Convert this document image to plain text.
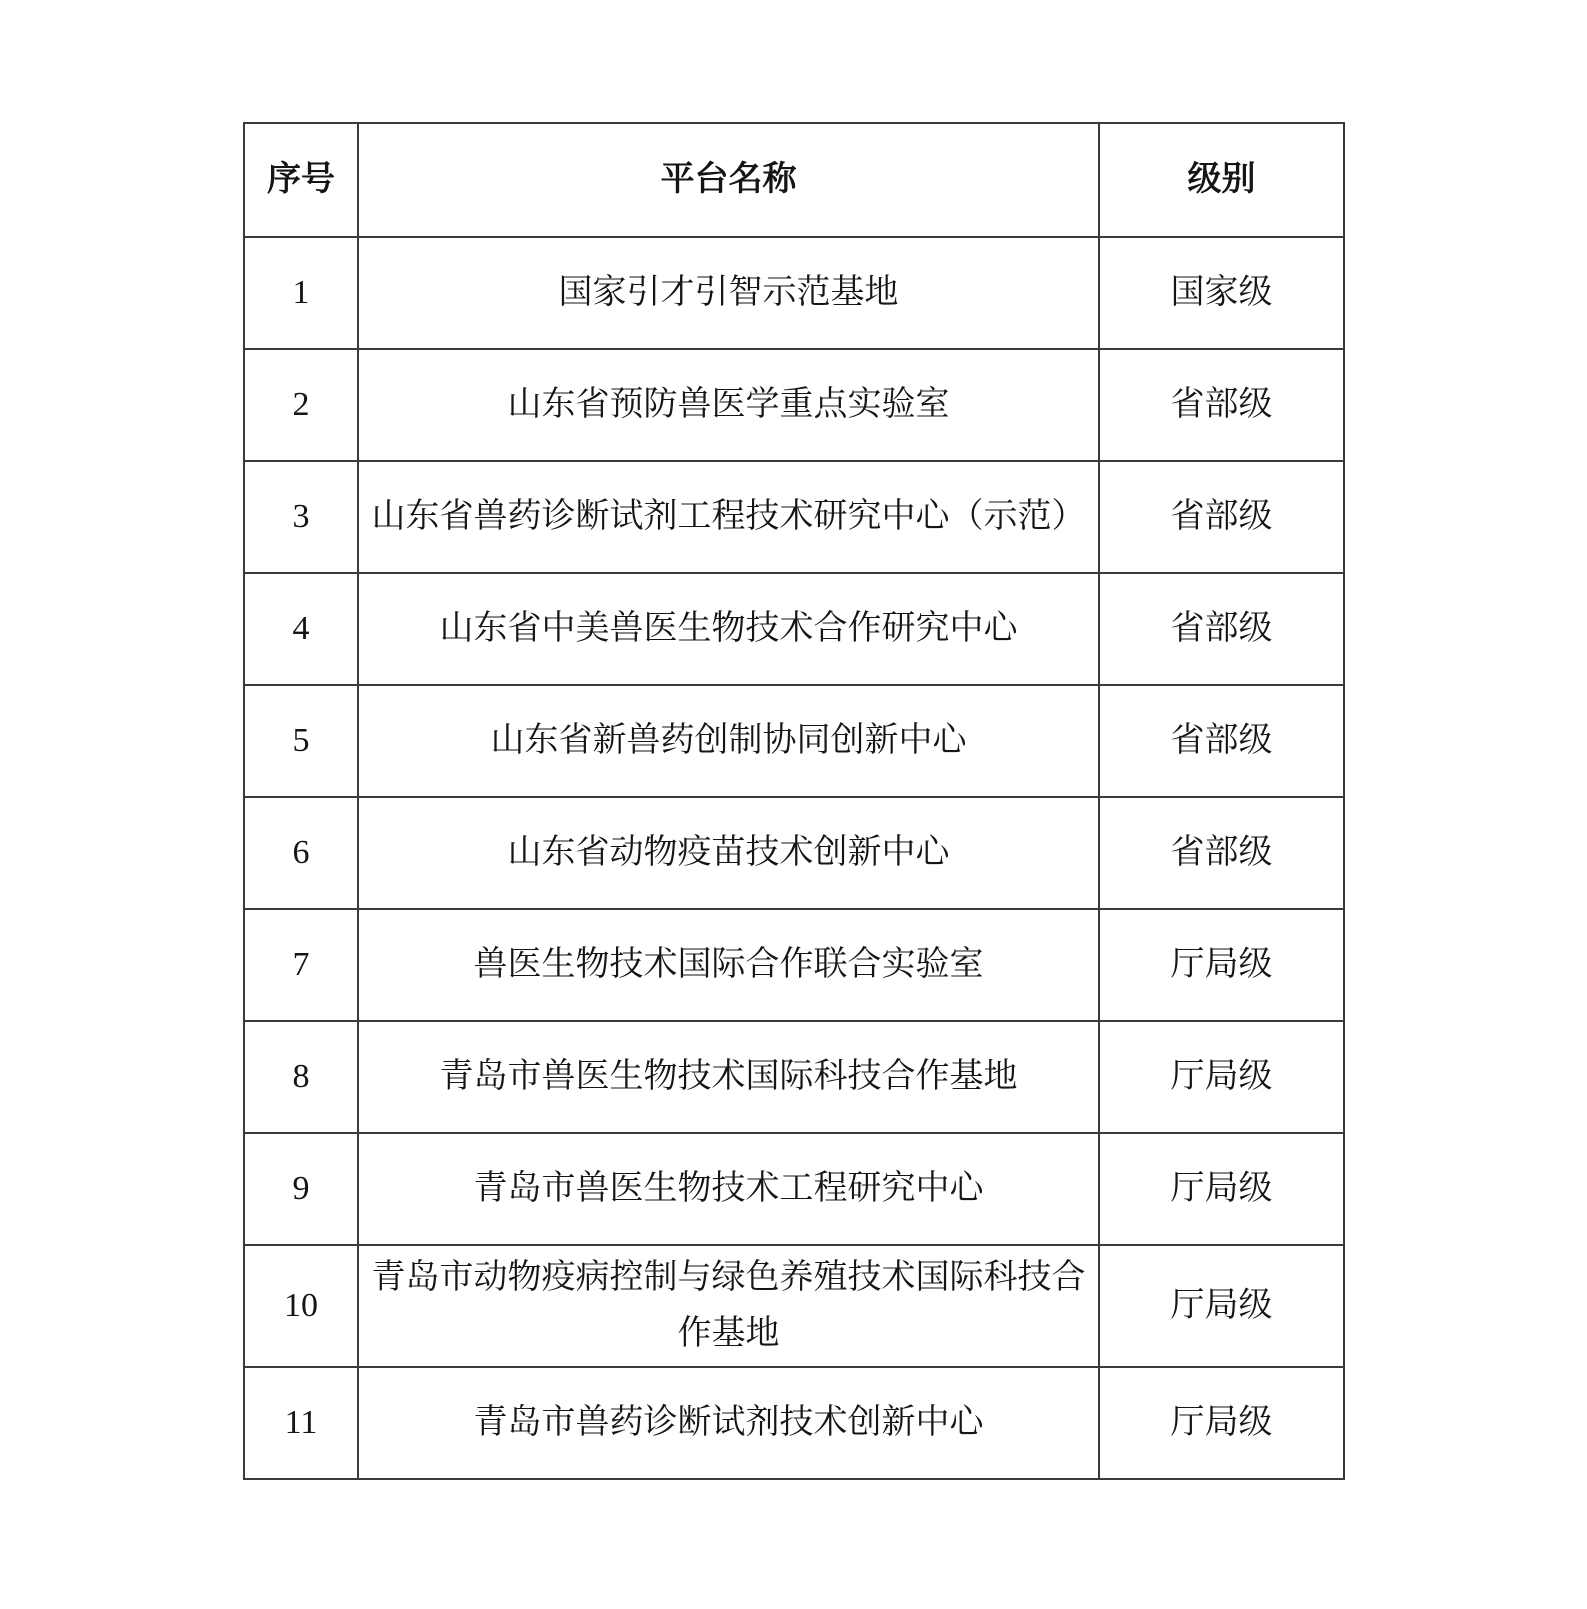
序号	平台名称	级别
1	国家引才引智示范基地	国家级
2	山东省预防兽医学重点实验室	省部级
3	山东省兽药诊断试剂工程技术研究中心（示范）	省部级
4	山东省中美兽医生物技术合作研究中心	省部级
5	山东省新兽药创制协同创新中心	省部级
6	山东省动物疫苗技术创新中心	省部级
7	兽医生物技术国际合作联合实验室	厅局级
8	青岛市兽医生物技术国际科技合作基地	厅局级
9	青岛市兽医生物技术工程研究中心	厅局级
10	青岛市动物疫病控制与绿色养殖技术国际科技合作基地	厅局级
11	青岛市兽药诊断试剂技术创新中心	厅局级
